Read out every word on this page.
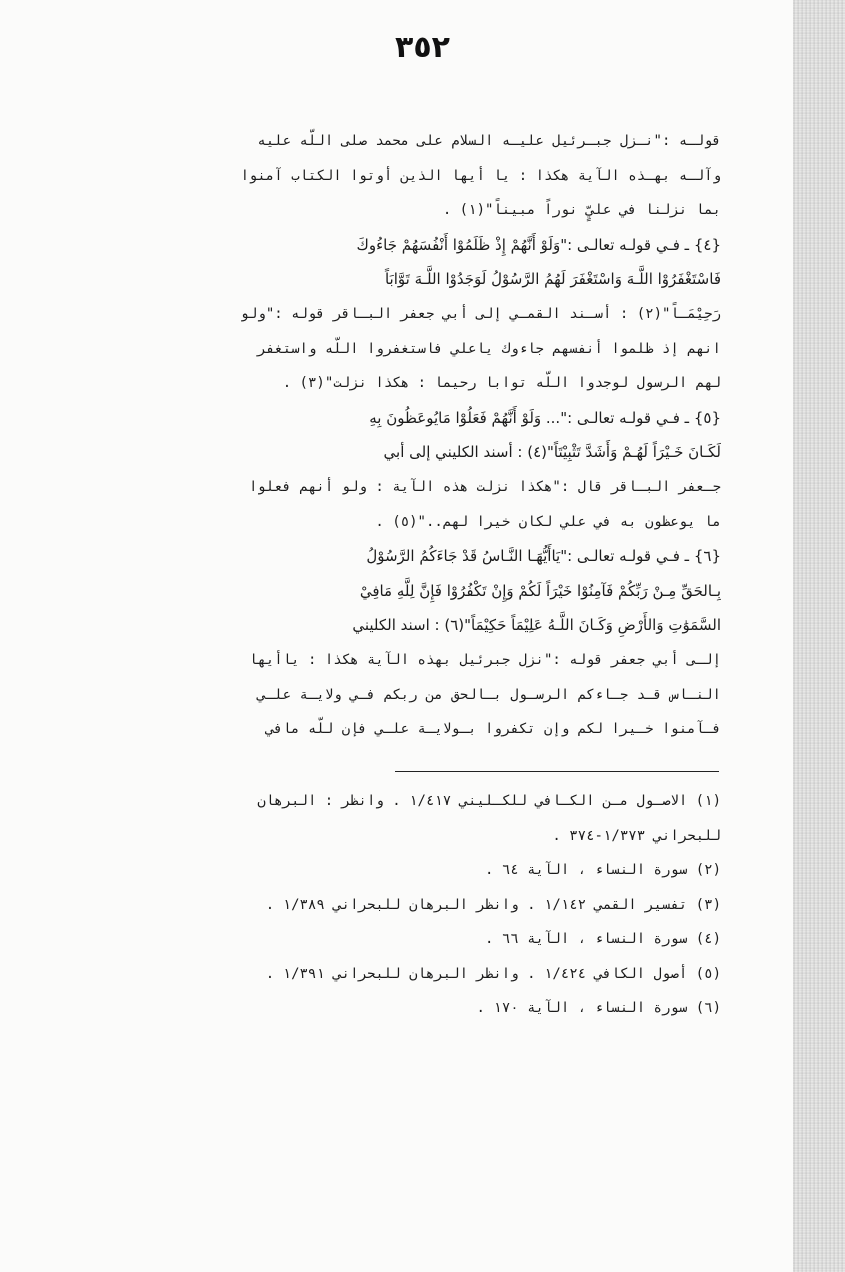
٣٥٢
قولـه :"نـزل جبـرئيل عليـه السلام على محمد صلى اللّه عليه
وآلـه بهـذه الآية هكذا : يا أيها الذين أوتوا الكتاب آمنوا
بما نزلنا في عليٍّ نوراً مبيناً"(١) .
{٤} ـ فـي قولـه تعالـى :"وَلَوْ أَنَّهُمْ إِذْ ظَلَمُوْا أَنْفُسَهُمْ جَاءُوكَ
فَاسْتَغْفَرُوْا اللَّـهَ وَاسْتَغْفَرَ لَهُمُ الرَّسُوْلُ لَوَجَدُوْا اللَّـهَ تَوَّابَاً
رَحِيْمَـاً"(٢) : أسـند القمـي إلى أبي جعفر البـاقر قوله :"ولو
انهم إذ ظلموا أنفسهم جاءوك ياعلي فاستغفروا اللّه واستغفر
لهم الرسول لوجدوا اللّه توابا رحيما : هكذا نزلت"(٣) .
{٥} ـ فـي قولـه تعالـى :"... وَلَوْ أَنَّهُمْ فَعَلُوْا مَايُوعَظُونَ بِهِ
لَكَـانَ خَـيْرَاً لَهُـمْ وَأَشَدَّ تَثْبِيْتَاً"(٤) : أسند الكليني إلى أبي
جـعفر البـاقر قال :"هكذا نزلت هذه الآية : ولو أنهم فعلوا
ما يوعظون به في علي لكان خيرا لهم.."(٥) .
{٦} ـ فـي قولـه تعالـى :"يَاأَيُّهَـا النَّـاسُ قَدْ جَاءَكُمُ الرَّسُوْلُ
بِـالحَقِّ مِـنْ رَبِّكُمْ فَآمِنُوْا خَيْرَاً لَكُمْ وَإِنْ تَكْفُرُوْا فَإِنَّ لِلَّهِ مَافِيْ
السَّمَوَٰتِ وَالأَرْضِ وَكَـانَ اللَّـهُ عَلِيْمَاً حَكِيْمَاً"(٦) : اسند الكليني
إلـى أبي جعفر قوله :"نزل جبرئيل بهذه الآية هكذا : ياأيها
النـاس قـد جـاءكم الرسـول بـالحق من ربكم فـي ولايـة علـي
فـآمنوا خـيرا لكم وإن تكفروا بـولايـة علـي فإن للّه مافي
(١) الاصـول مـن الكـافي للكـليني ١/٤١٧ . وانظر : البرهان
للبحراني ١/٣٧٣-٣٧٤ .
(٢) سورة النساء ، الآية ٦٤ .
(٣) تفسير القمي ١/١٤٢ . وانظر البرهان للبحراني ١/٣٨٩ .
(٤) سورة النساء ، الآية ٦٦ .
(٥) أصول الكافي ١/٤٢٤ . وانظر البرهان للبحراني ١/٣٩١ .
(٦) سورة النساء ، الآية ١٧٠ .
